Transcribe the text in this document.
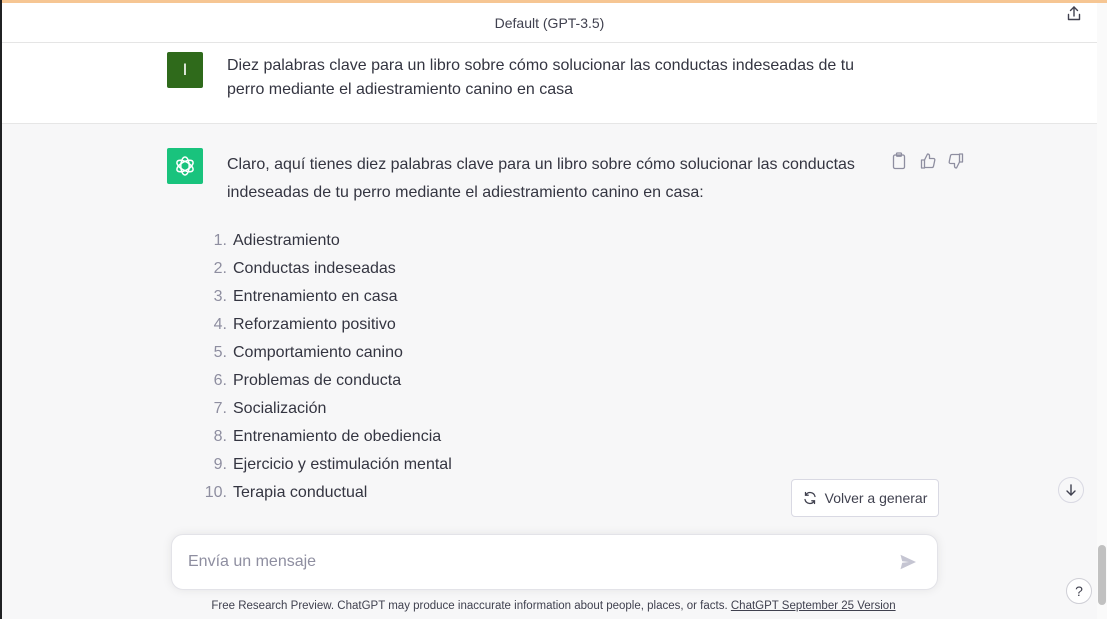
Default (GPT-3.5)
I	Diez palabras clave para un libro sobre cómo solucionar las conductas indeseadas de tu perro mediante el adiestramiento canino en casa
Claro, aquí tienes diez palabras clave para un libro sobre cómo solucionar las conductas indeseadas de tu perro mediante el adiestramiento canino en casa:
1. Adiestramiento
2. Conductas indeseadas
3. Entrenamiento en casa
4. Reforzamiento positivo
5. Comportamiento canino
6. Problemas de conducta
7. Socialización
8. Entrenamiento de obediencia
9. Ejercicio y estimulación mental
10. Terapia conductual	Volver a generar
Envía un mensaje
Free Research Preview. ChatGPT may produce inaccurate information about people, places, or facts. ChatGPT September 25 Version
?
